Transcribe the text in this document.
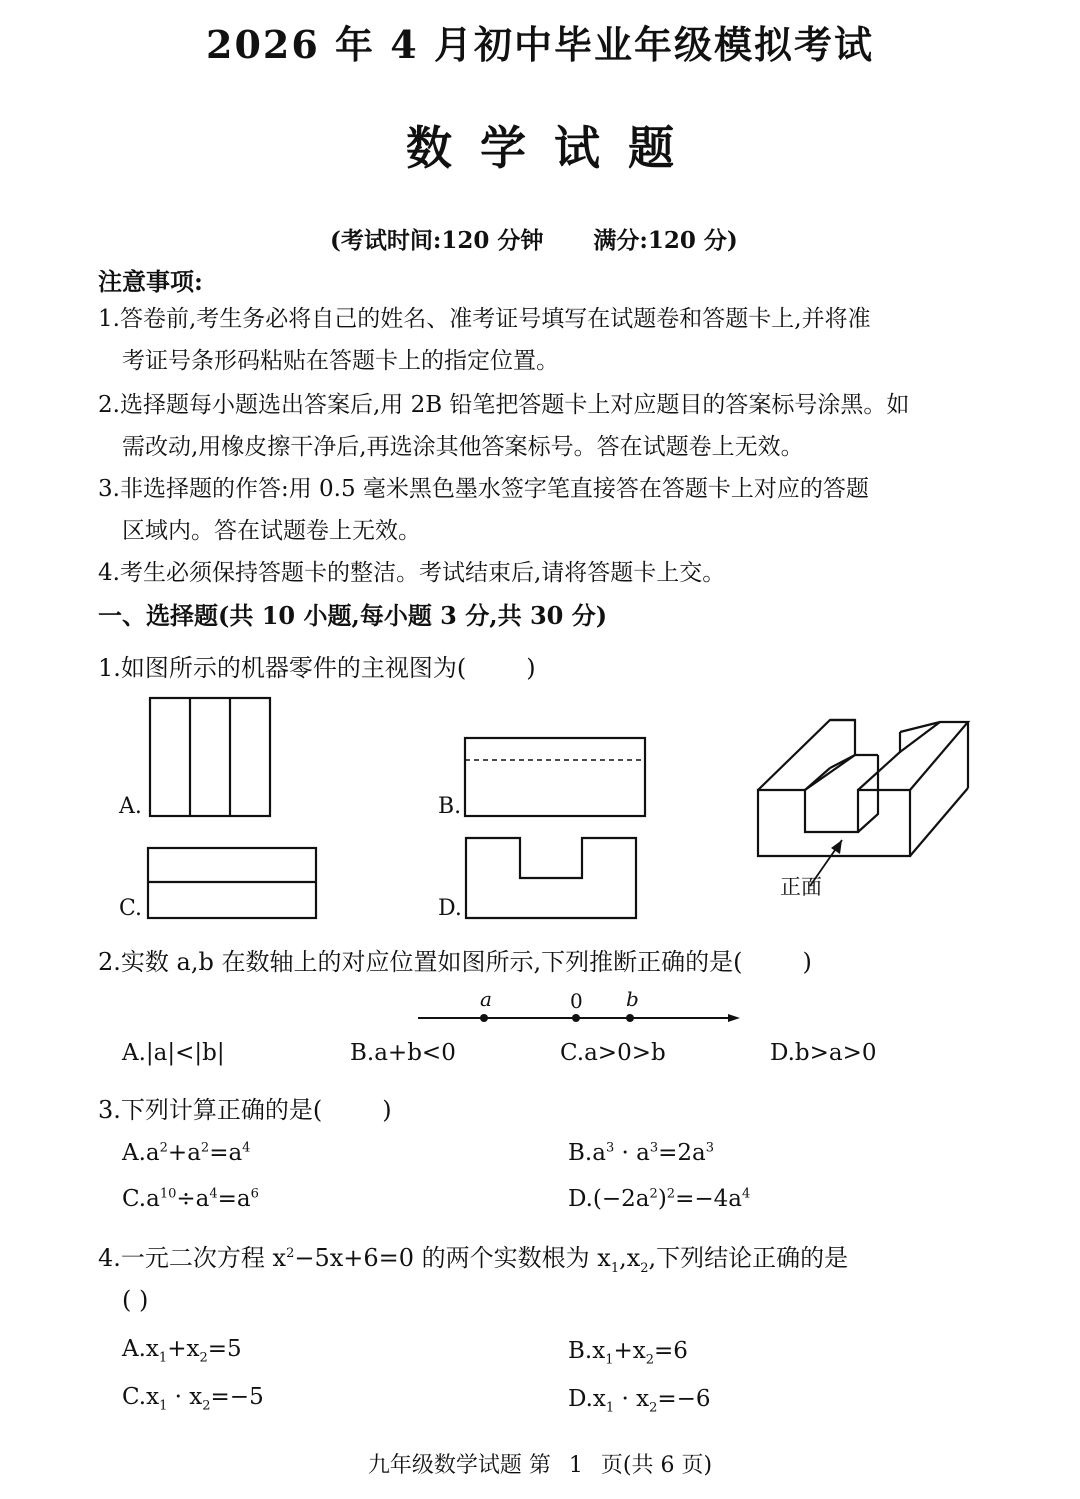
2026 年 4 月初中毕业年级模拟考试
数学试题
(考试时间:120 分钟 满分:120 分)
注意事项:
1.答卷前,考生务必将自己的姓名、准考证号填写在试题卷和答题卡上,并将准
考证号条形码粘贴在答题卡上的指定位置。
2.选择题每小题选出答案后,用 2B 铅笔把答题卡上对应题目的答案标号涂黑。如
需改动,用橡皮擦干净后,再选涂其他答案标号。答在试题卷上无效。
3.非选择题的作答:用 0.5 毫米黑色墨水签字笔直接答在答题卡上对应的答题
区域内。答在试题卷上无效。
4.考生必须保持答题卡的整洁。考试结束后,请将答题卡上交。
一、选择题(共 10 小题,每小题 3 分,共 30 分)
1.如图所示的机器零件的主视图为(	)
A.	B.
C.	D.
正面
2.实数 a,b 在数轴上的对应位置如图所示,下列推断正确的是(	)
a	0 b
A.|a|<|b|	B.a+b<0	C.a>0>b	D.b>a>0
3.下列计算正确的是(	)
$A.a^2+a^2=a^4$	$B.a^3 \cdot a^3=2a^3$
$C.a^{10}\div a^4=a^6$	$D.(-2a^2)^2=-4a^4$
4.一元二次方程 $x^2-5x+6=0$ 的两个实数根为 $x_1,x_2$,下列结论正确的是
( )
$A.x_1+x_2=5$	$B.x_1+x_2=6$
$C.x_1 \cdot x_2=-5$	$D.x_1 \cdot x_2=-6$
九年级数学试题 第 1 页(共 6 页)
